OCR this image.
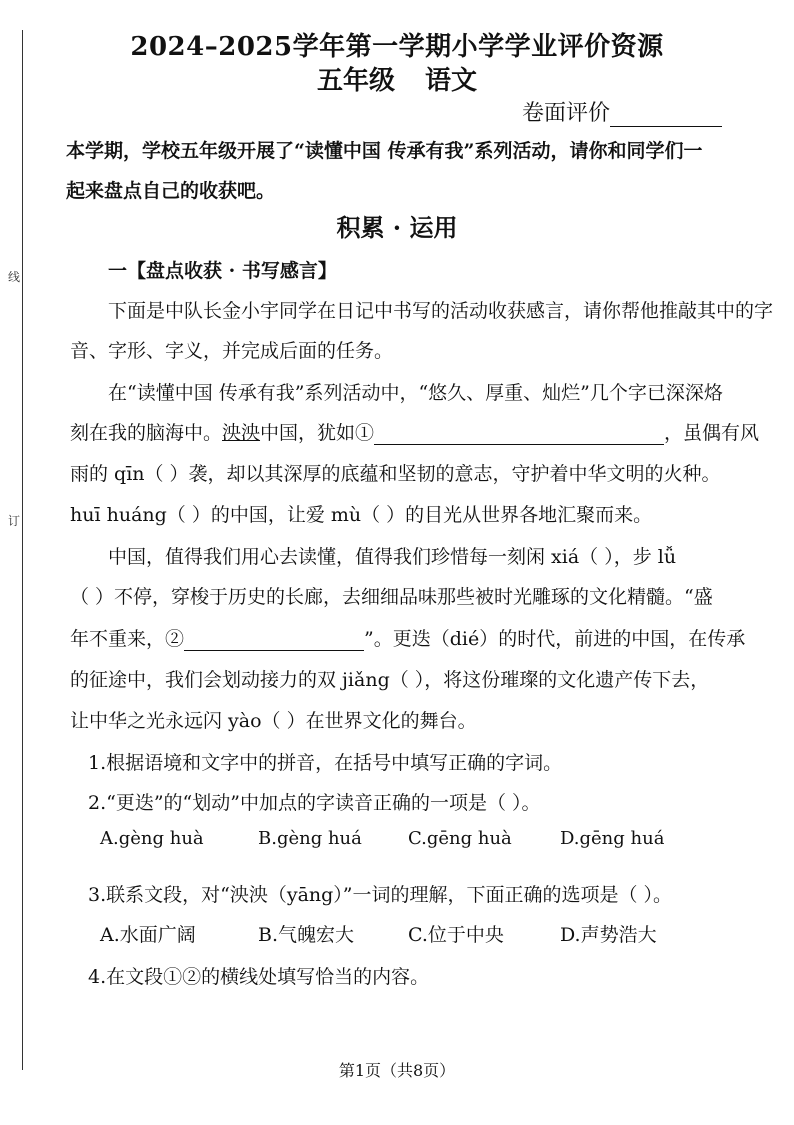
线
订
2024–2025学年第一学期小学学业评价资源
五年级 语文
卷面评价
本学期，学校五年级开展了“读懂中国 传承有我”系列活动，请你和同学们一
起来盘点自己的收获吧。
积累 · 运用
一【盘点收获 · 书写感言】
下面是中队长金小宇同学在日记中书写的活动收获感言，请你帮他推敲其中的字
音、字形、字义，并完成后面的任务。
在“读懂中国 传承有我”系列活动中，“悠久、厚重、灿烂”几个字已深深烙
刻在我的脑海中。泱泱中国，犹如①	，虽偶有风
雨的 qīn（ ）袭，却以其深厚的底蕴和坚韧的意志，守护着中华文明的火种。
huī huáng（ ）的中国，让爱 mù（ ）的目光从世界各地汇聚而来。
中国，值得我们用心去读懂，值得我们珍惜每一刻闲 xiá（ ），步 lǚ
（ ）不停，穿梭于历史的长廊，去细细品味那些被时光雕琢的文化精髓。“盛
年不重来，②	”。更迭（dié）的时代，前进的中国，在传承
的征途中，我们会划动接力的双 jiǎng（ ），将这份璀璨的文化遗产传下去，
让中华之光永远闪 yào（ ）在世界文化的舞台。
1.根据语境和文字中的拼音，在括号中填写正确的字词。
2.“更迭”的“划动”中加点的字读音正确的一项是（ ）。
A.gèng huà	B.gèng huá	C.gēng huà	D.gēng huá
3.联系文段，对“泱泱（yāng）”一词的理解，下面正确的选项是（ ）。
A.水面广阔	B.气魄宏大	C.位于中央	D.声势浩大
4.在文段①②的横线处填写恰当的内容。
第1页（共8页）
